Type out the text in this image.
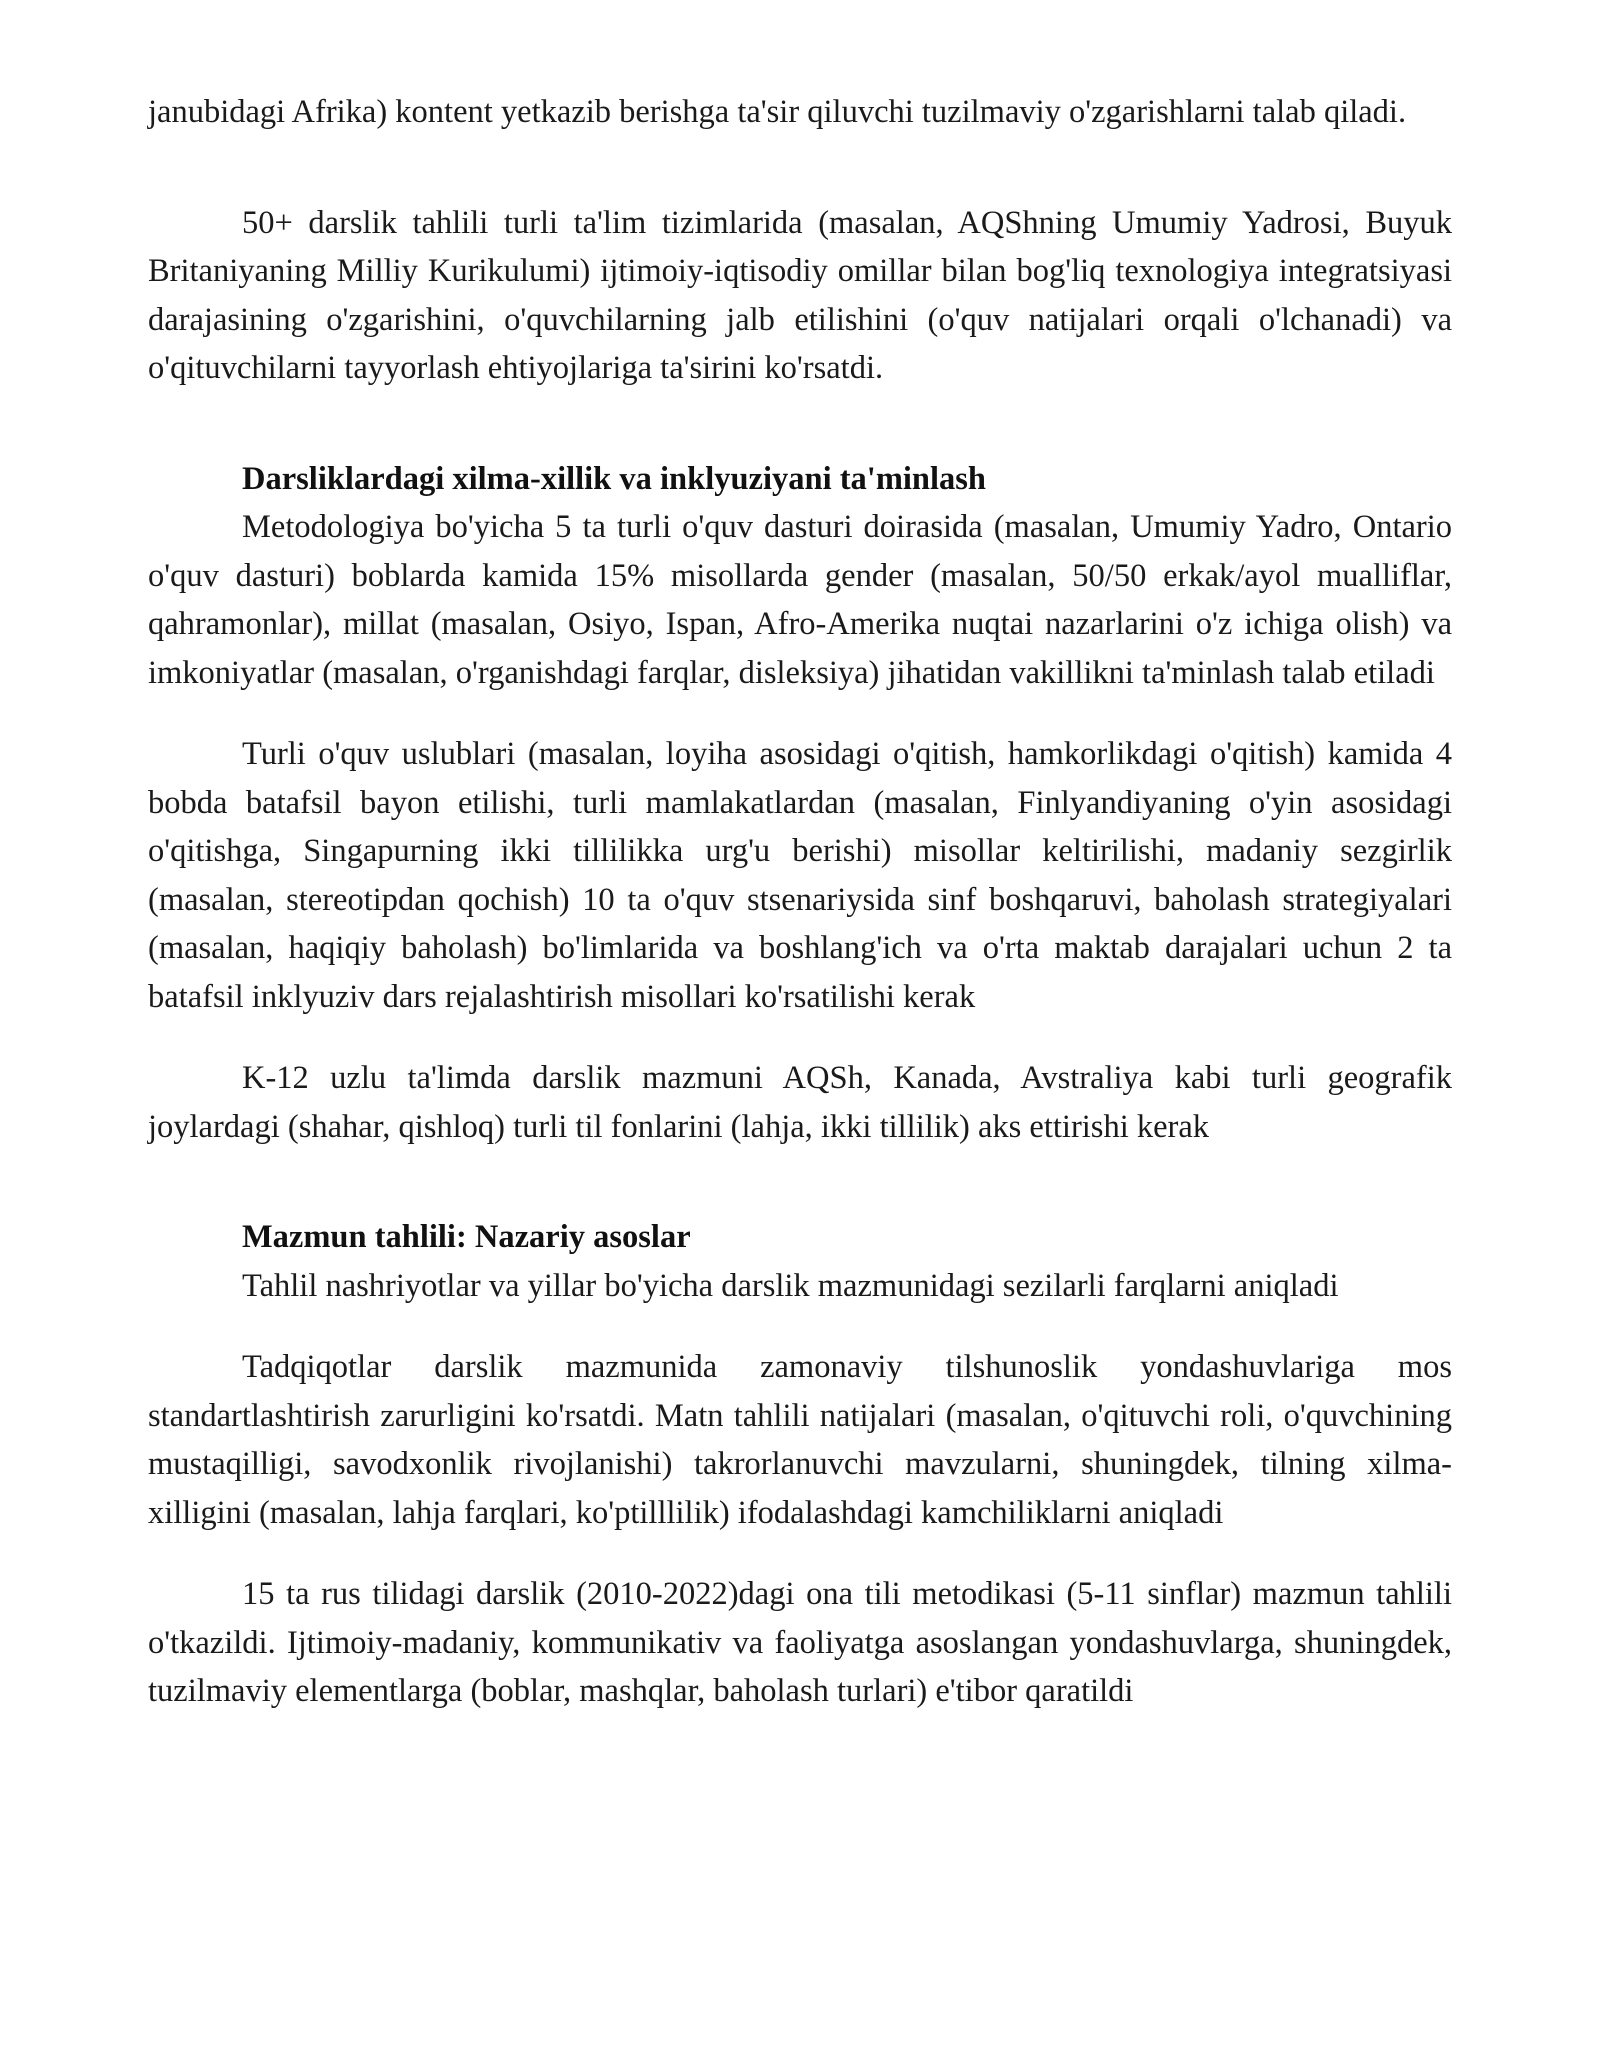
janubidagi Afrika) kontent yetkazib berishga ta'sir qiluvchi tuzilmaviy o'zgarishlarni talab qiladi.

50+ darslik tahlili turli ta'lim tizimlarida (masalan, AQShning Umumiy Yadrosi, Buyuk Britaniyaning Milliy Kurikulumi) ijtimoiy-iqtisodiy omillar bilan bog'liq texnologiya integratsiyasi darajasining o'zgarishini, o'quvchilarning jalb etilishini (o'quv natijalari orqali o'lchanadi) va o'qituvchilarni tayyorlash ehtiyojlariga ta'sirini ko'rsatdi.

Darsliklardagi xilma-xillik va inklyuziyani ta'minlash

Metodologiya bo'yicha 5 ta turli o'quv dasturi doirasida (masalan, Umumiy Yadro, Ontario o'quv dasturi) boblarda kamida 15% misollarda gender (masalan, 50/50 erkak/ayol mualliflar, qahramonlar), millat (masalan, Osiyo, Ispan, Afro-Amerika nuqtai nazarlarini o'z ichiga olish) va imkoniyatlar (masalan, o'rganishdagi farqlar, disleksiya) jihatidan vakillikni ta'minlash talab etiladi

Turli o'quv uslublari (masalan, loyiha asosidagi o'qitish, hamkorlikdagi o'qitish) kamida 4 bobda batafsil bayon etilishi, turli mamlakatlardan (masalan, Finlyandiyaning o'yin asosidagi o'qitishga, Singapurning ikki tillilikka urg'u berishi) misollar keltirilishi, madaniy sezgirlik (masalan, stereotipdan qochish) 10 ta o'quv stsenariysida sinf boshqaruvi, baholash strategiyalari (masalan, haqiqiy baholash) bo'limlarida va boshlang'ich va o'rta maktab darajalari uchun 2 ta batafsil inklyuziv dars rejalashtirish misollari ko'rsatilishi kerak

K-12 uzlu ta'limda darslik mazmuni AQSh, Kanada, Avstraliya kabi turli geografik joylardagi (shahar, qishloq) turli til fonlarini (lahja, ikki tillilik) aks ettirishi kerak

Mazmun tahlili: Nazariy asoslar

Tahlil nashriyotlar va yillar bo'yicha darslik mazmunidagi sezilarli farqlarni aniqladi

Tadqiqotlar darslik mazmunida zamonaviy tilshunoslik yondashuvlariga mos standartlashtirish zarurligini ko'rsatdi. Matn tahlili natijalari (masalan, o'qituvchi roli, o'quvchining mustaqilligi, savodxonlik rivojlanishi) takrorlanuvchi mavzularni, shuningdek, tilning xilma-xilligini (masalan, lahja farqlari, ko'ptilllilik) ifodalashdagi kamchiliklarni aniqladi

15 ta rus tilidagi darslik (2010-2022)dagi ona tili metodikasi (5-11 sinflar) mazmun tahlili o'tkazildi. Ijtimoiy-madaniy, kommunikativ va faoliyatga asoslangan yondashuvlarga, shuningdek, tuzilmaviy elementlarga (boblar, mashqlar, baholash turlari) e'tibor qaratildi
